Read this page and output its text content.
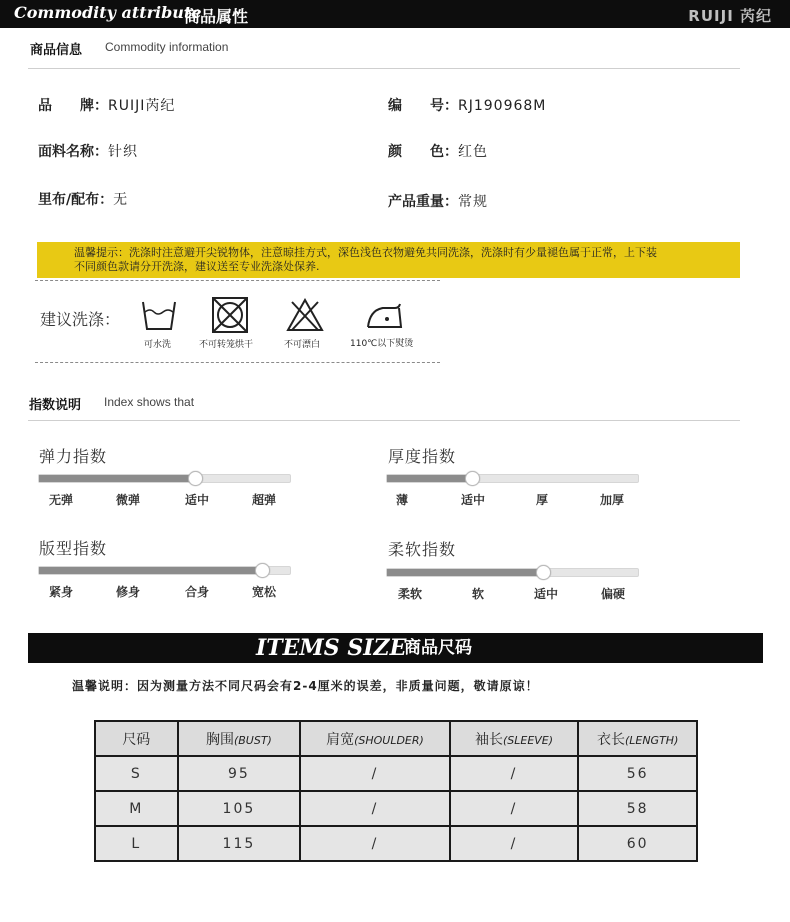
Commodity attribute
商品属性	RUIJI 芮纪
商品信息 Commodity information
品　　牌：RUIJI芮纪	编　　号：RJ190968M
面料名称：针织	颜　　色：红色
里布/配布：无	产品重量：常规
温馨提示：洗涤时注意避开尖锐物体，注意晾挂方式，深色浅色衣物避免共同洗涤，洗涤时有少量褪色属于正常，上下装
不同颜色款请分开洗涤，建议送至专业洗涤处保养.
建议洗涤：
可水洗	不可转笼烘干	不可漂白	110℃以下熨烫
指数说明 Index shows that
弹力指数
无弹	微弹	适中	超弹
厚度指数
薄	适中	厚	加厚
版型指数
紧身	修身	合身	宽松
柔软指数
柔软	软	适中	偏硬
ITEMS SIZE
商品尺码
温馨说明：因为测量方法不同尺码会有2-4厘米的误差，非质量问题，敬请原谅！
尺码	胸围(BUST)	肩宽(SHOULDER)	袖长(SLEEVE)	衣长(LENGTH)
S	95	/	/	56
M	105	/	/	58
L	115	/	/	60
